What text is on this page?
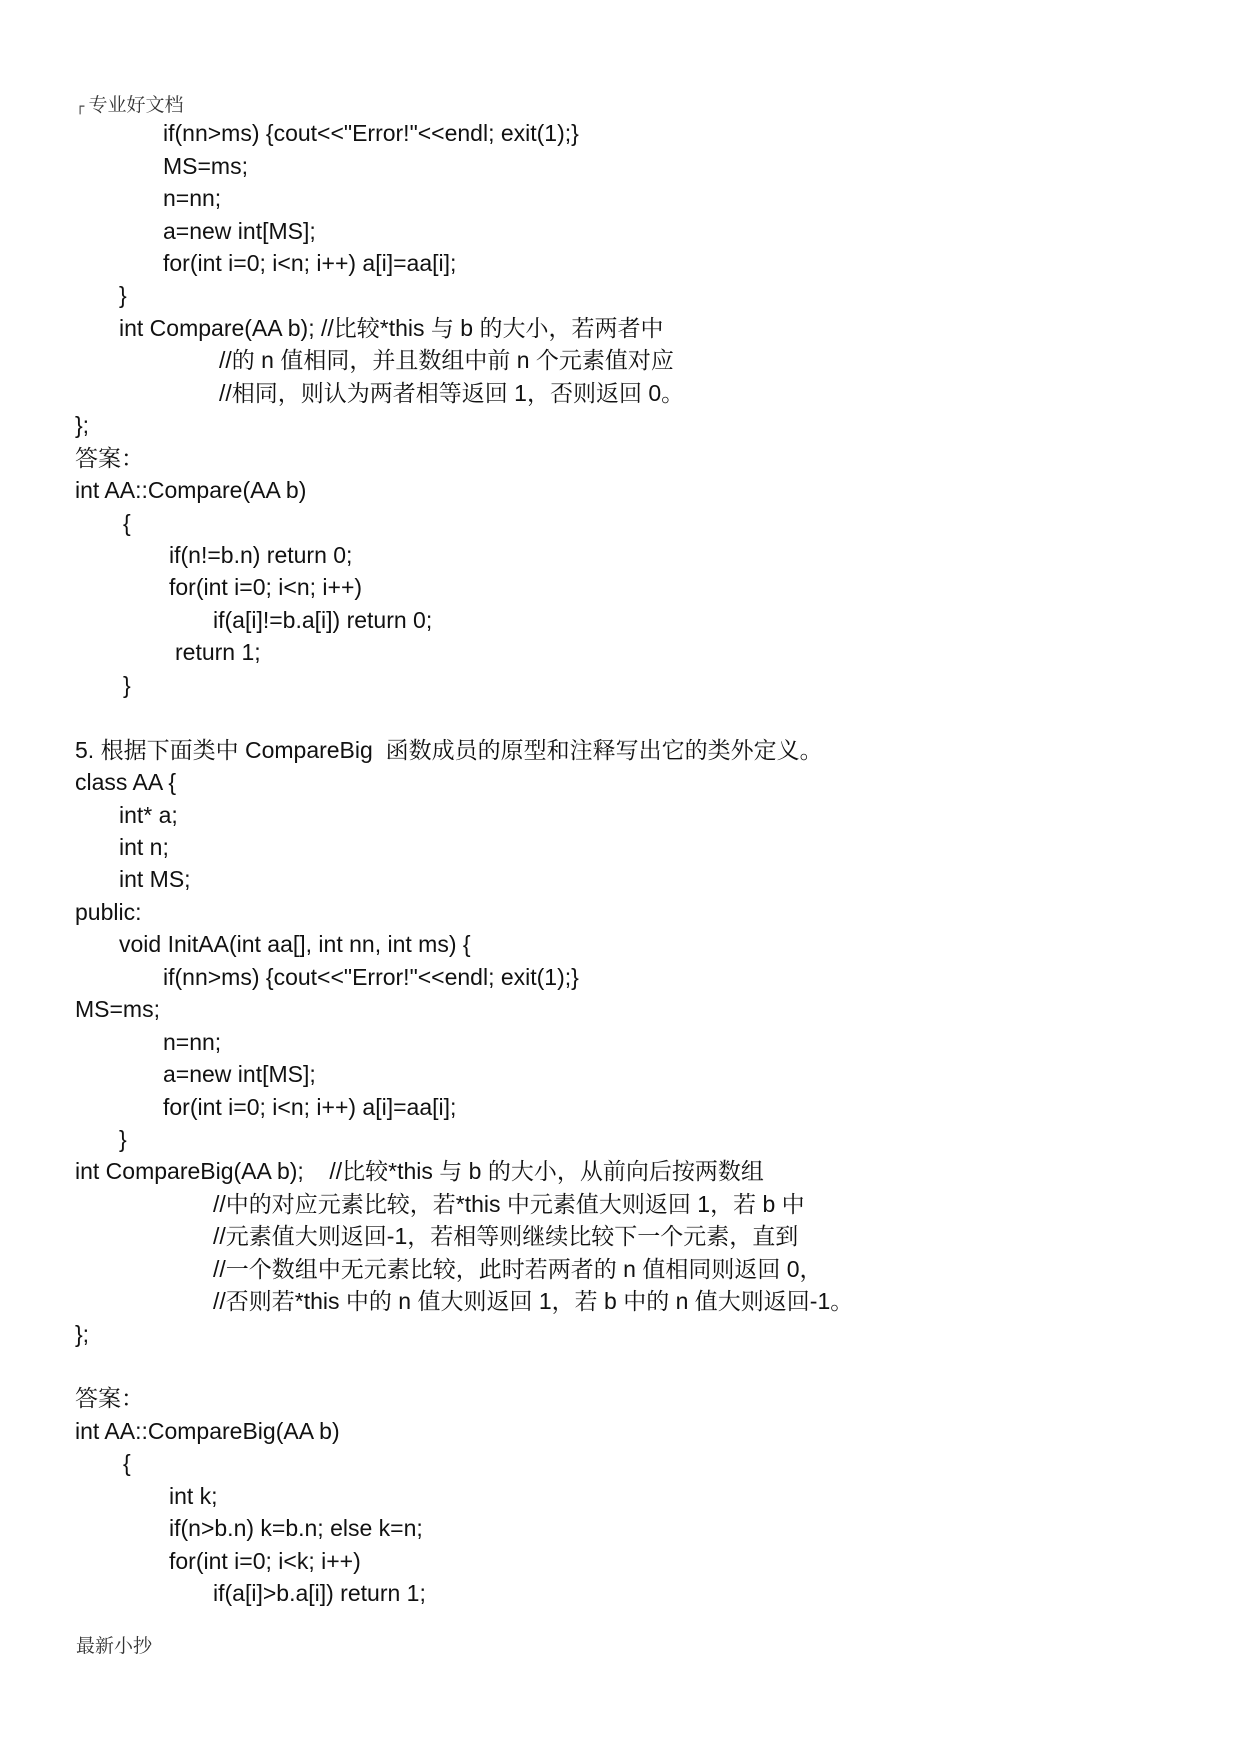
┌ 专业好文档
if(nn>ms) {cout<<"Error!"<<endl; exit(1);}
MS=ms;
n=nn;
a=new int[MS];
for(int i=0; i<n; i++) a[i]=aa[i];
}
int Compare(AA b); //比较*this 与 b 的大小，若两者中
//的 n 值相同，并且数组中前 n 个元素值对应
//相同，则认为两者相等返回 1，否则返回 0。
};
答案：
int AA::Compare(AA b)
{
if(n!=b.n) return 0;
for(int i=0; i<n; i++)
if(a[i]!=b.a[i]) return 0;
return 1;
}
5. 根据下面类中 CompareBig  函数成员的原型和注释写出它的类外定义。
class AA {
int* a;
int n;
int MS;
public:
void InitAA(int aa[], int nn, int ms) {
if(nn>ms) {cout<<"Error!"<<endl; exit(1);}
MS=ms;
n=nn;
a=new int[MS];
for(int i=0; i<n; i++) a[i]=aa[i];
}
int CompareBig(AA b);    //比较*this 与 b 的大小，从前向后按两数组
//中的对应元素比较，若*this 中元素值大则返回 1，若 b 中
//元素值大则返回-1，若相等则继续比较下一个元素，直到
//一个数组中无元素比较，此时若两者的 n 值相同则返回 0，
//否则若*this 中的 n 值大则返回 1，若 b 中的 n 值大则返回-1。
};
答案：
int AA::CompareBig(AA b)
{
int k;
if(n>b.n) k=b.n; else k=n;
for(int i=0; i<k; i++)
if(a[i]>b.a[i]) return 1;
最新小抄
